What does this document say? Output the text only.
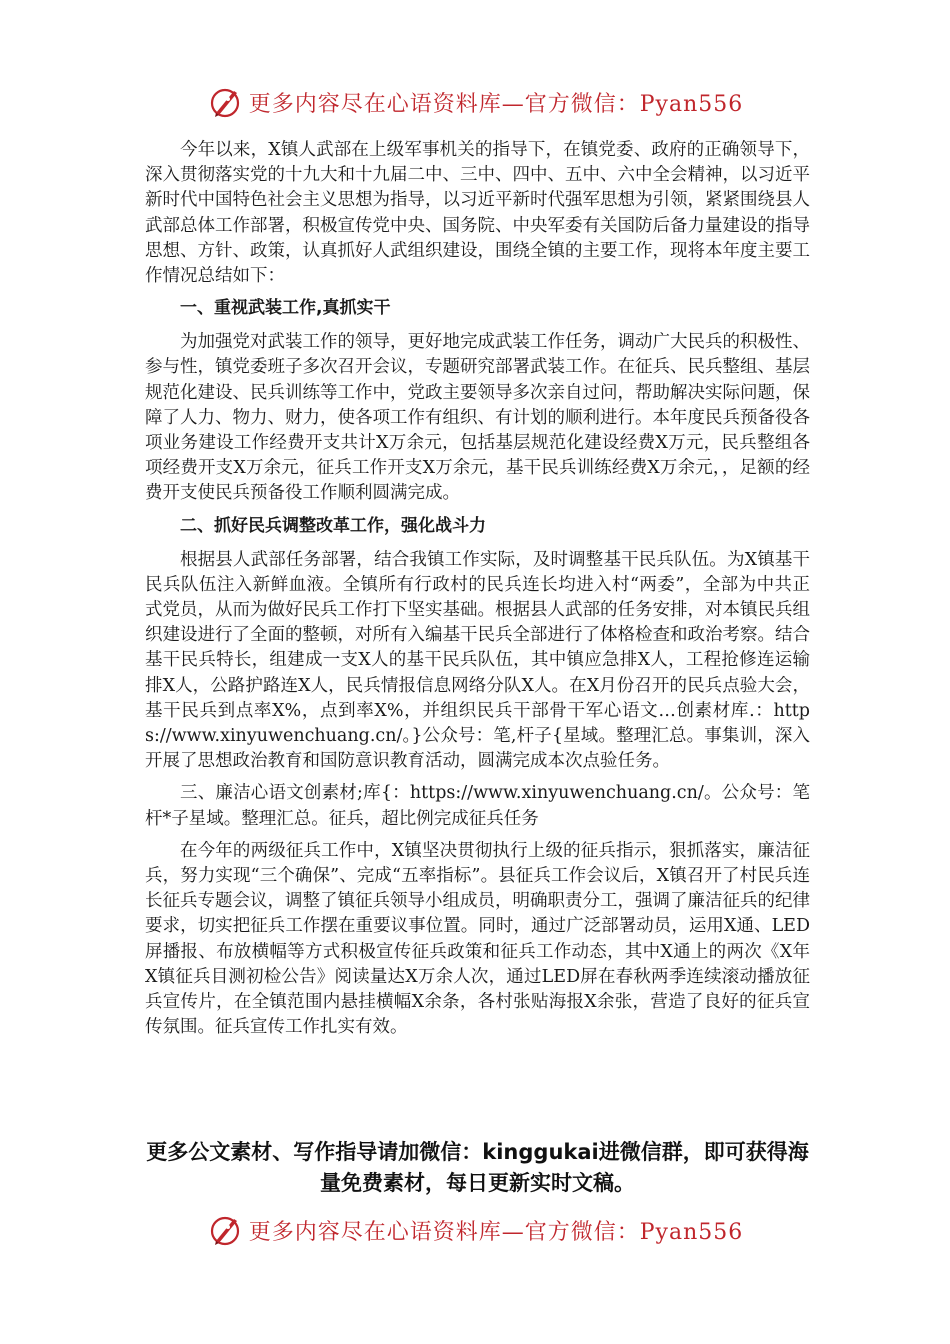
更多内容尽在心语资料库—官方微信：Pyan556

今年以来，X镇人武部在上级军事机关的指导下，在镇党委、政府的正确领导下，深入贯彻落实党的十九大和十九届二中、三中、四中、五中、六中全会精神，以习近平新时代中国特色社会主义思想为指导，以习近平新时代强军思想为引领，紧紧围绕县人武部总体工作部署，积极宣传党中央、国务院、中央军委有关国防后备力量建设的指导思想、方针、政策，认真抓好人武组织建设，围绕全镇的主要工作，现将本年度主要工作情况总结如下：

一、重视武装工作,真抓实干

为加强党对武装工作的领导，更好地完成武装工作任务，调动广大民兵的积极性、参与性，镇党委班子多次召开会议，专题研究部署武装工作。在征兵、民兵整组、基层规范化建设、民兵训练等工作中，党政主要领导多次亲自过问，帮助解决实际问题，保障了人力、物力、财力，使各项工作有组织、有计划的顺利进行。本年度民兵预备役各项业务建设工作经费开支共计X万余元，包括基层规范化建设经费X万元，民兵整组各项经费开支X万余元，征兵工作开支X万余元，基干民兵训练经费X万余元，，足额的经费开支使民兵预备役工作顺利圆满完成。

二、抓好民兵调整改革工作，强化战斗力

根据县人武部任务部署，结合我镇工作实际，及时调整基干民兵队伍。为X镇基干民兵队伍注入新鲜血液。全镇所有行政村的民兵连长均进入村“两委”，全部为中共正式党员，从而为做好民兵工作打下坚实基础。根据县人武部的任务安排，对本镇民兵组织建设进行了全面的整顿，对所有入编基干民兵全部进行了体格检查和政治考察。结合基干民兵特长，组建成一支X人的基干民兵队伍，其中镇应急排X人，工程抢修连运输排X人，公路护路连X人，民兵情报信息网络分队X人。在X月份召开的民兵点验大会，基干民兵到点率X%，点到率X%，并组织民兵干部骨干军心语文…创素材库.：https://www.xinyuwenchuang.cn/。}公众号：笔,杆子{星域。整理汇总。事集训，深入开展了思想政治教育和国防意识教育活动，圆满完成本次点验任务。

三、廉洁心语文创素材;库{：https://www.xinyuwenchuang.cn/。公众号：笔杆*子星域。整理汇总。征兵，超比例完成征兵任务

在今年的两级征兵工作中，X镇坚决贯彻执行上级的征兵指示，狠抓落实，廉洁征兵，努力实现“三个确保”、完成“五率指标”。县征兵工作会议后，X镇召开了村民兵连长征兵专题会议，调整了镇征兵领导小组成员，明确职责分工，强调了廉洁征兵的纪律要求，切实把征兵工作摆在重要议事位置。同时，通过广泛部署动员，运用X通、LED屏播报、布放横幅等方式积极宣传征兵政策和征兵工作动态，其中X通上的两次《X年X镇征兵目测初检公告》阅读量达X万余人次，通过LED屏在春秋两季连续滚动播放征兵宣传片，在全镇范围内悬挂横幅X余条，各村张贴海报X余张，营造了良好的征兵宣传氛围。征兵宣传工作扎实有效。

更多公文素材、写作指导请加微信：kinggukai进微信群，即可获得海量免费素材，每日更新实时文稿。
更多内容尽在心语资料库—官方微信：Pyan556
